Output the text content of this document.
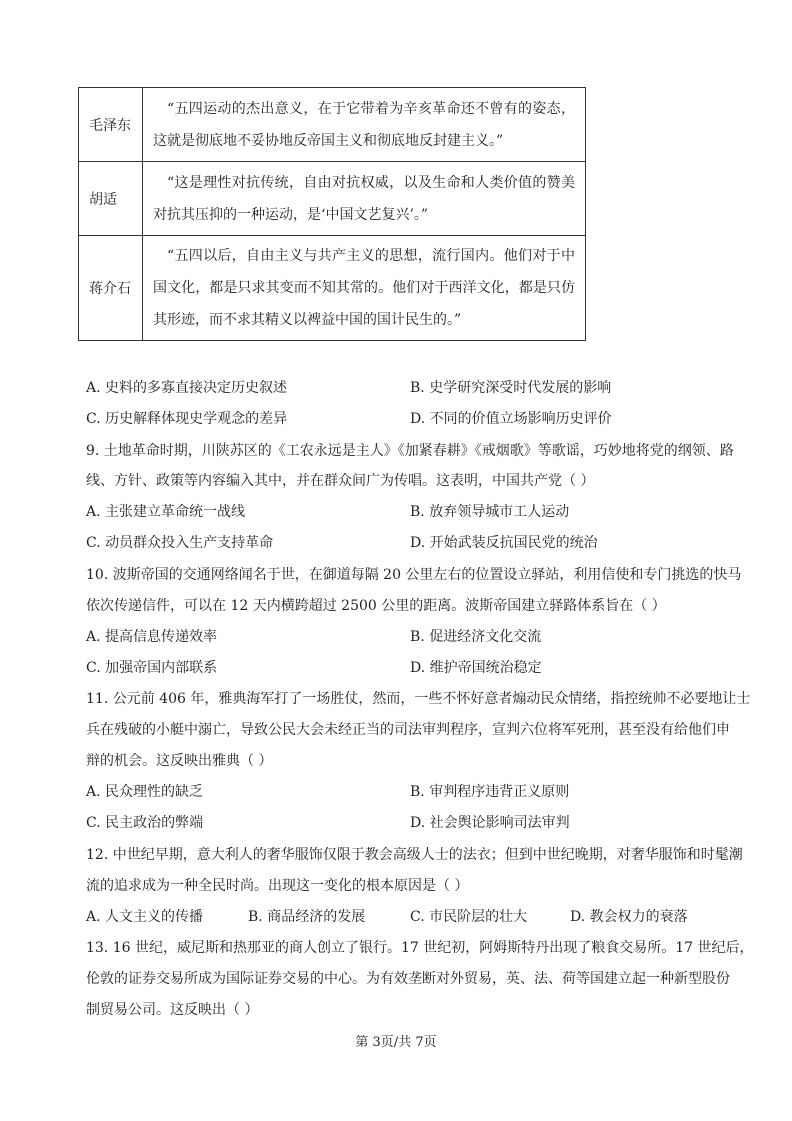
毛泽东	“五四运动的杰出意义，在于它带着为辛亥革命还不曾有的姿态，这就是彻底地不妥协地反帝国主义和彻底地反封建主义。”
胡适	“这是理性对抗传统，自由对抗权威，以及生命和人类价值的赞美对抗其压抑的一种运动，是‘中国文艺复兴’。”
蒋介石	“五四以后，自由主义与共产主义的思想，流行国内。他们对于中国文化，都是只求其变而不知其常的。他们对于西洋文化，都是只仿其形迹，而不求其精义以裨益中国的国计民生的。”
A. 史料的多寡直接决定历史叙述	B. 史学研究深受时代发展的影响
C. 历史解释体现史学观念的差异	D. 不同的价值立场影响历史评价
9. 土地革命时期，川陕苏区的《工农永远是主人》《加紧春耕》《戒烟歌》等歌谣，巧妙地将党的纲领、路
线、方针、政策等内容编入其中，并在群众间广为传唱。这表明，中国共产党（ ）
A. 主张建立革命统一战线	B. 放弃领导城市工人运动
C. 动员群众投入生产支持革命	D. 开始武装反抗国民党的统治
10. 波斯帝国的交通网络闻名于世，在御道每隔 20 公里左右的位置设立驿站，利用信使和专门挑选的快马
依次传递信件，可以在 12 天内横跨超过 2500 公里的距离。波斯帝国建立驿路体系旨在（ ）
A. 提高信息传递效率	B. 促进经济文化交流
C. 加强帝国内部联系	D. 维护帝国统治稳定
11. 公元前 406 年，雅典海军打了一场胜仗，然而，一些不怀好意者煽动民众情绪，指控统帅不必要地让士
兵在残破的小艇中溺亡，导致公民大会未经正当的司法审判程序，宣判六位将军死刑，甚至没有给他们申
辩的机会。这反映出雅典（ ）
A. 民众理性的缺乏	B. 审判程序违背正义原则
C. 民主政治的弊端	D. 社会舆论影响司法审判
12. 中世纪早期，意大利人的奢华服饰仅限于教会高级人士的法衣；但到中世纪晚期，对奢华服饰和时髦潮
流的追求成为一种全民时尚。出现这一变化的根本原因是（ ）
A. 人文主义的传播	B. 商品经济的发展	C. 市民阶层的壮大	D. 教会权力的衰落
13. 16 世纪，威尼斯和热那亚的商人创立了银行。17 世纪初，阿姆斯特丹出现了粮食交易所。17 世纪后，
伦敦的证券交易所成为国际证券交易的中心。为有效垄断对外贸易，英、法、荷等国建立起一种新型股份
制贸易公司。这反映出（ ）
第 3页/共 7页
